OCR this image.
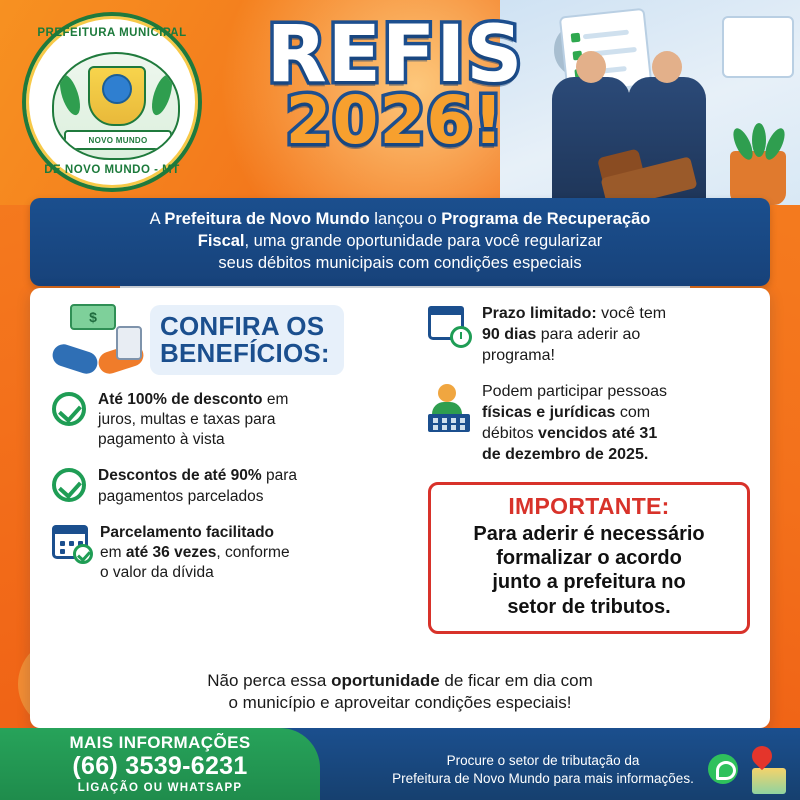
PREFEITURA MUNICIPAL
DE NOVO MUNDO - MT
NOVO MUNDO
REFIS
2026!
A Prefeitura de Novo Mundo lançou o Programa de Recuperação
Fiscal, uma grande oportunidade para você regularizar
seus débitos municipais com condições especiais
$
CONFIRA OS
BENEFÍCIOS:
Até 100% de desconto em
juros, multas e taxas para
pagamento à vista
Descontos de até 90% para
pagamentos parcelados
Parcelamento facilitado
em até 36 vezes, conforme
o valor da dívida
Prazo limitado: você tem
90 dias para aderir ao
programa!
Podem participar pessoas
físicas e jurídicas com
débitos vencidos até 31
de dezembro de 2025.
IMPORTANTE:
Para aderir é necessário
formalizar o acordo
junto a prefeitura no
setor de tributos.
Não perca essa oportunidade de ficar em dia com
o município e aproveitar condições especiais!
MAIS INFORMAÇÕES
(66) 3539-6231
LIGAÇÃO OU WHATSAPP
Procure o setor de tributação da
Prefeitura de Novo Mundo para mais informações.
